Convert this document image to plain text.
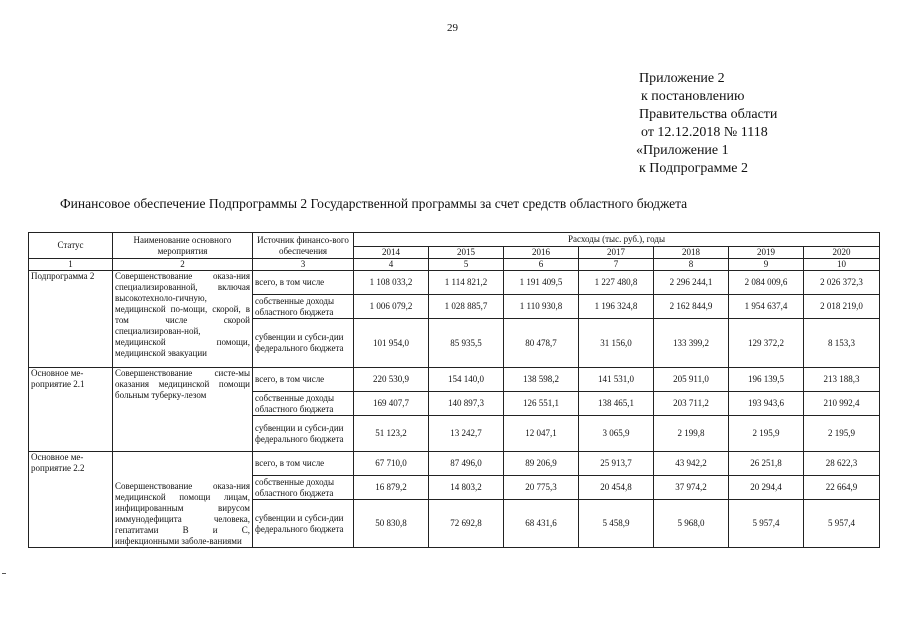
29
Приложение 2
к постановлению
Правительства области
от 12.12.2018 № 1118
«Приложение 1
к Подпрограмме 2
Финансовое обеспечение Подпрограммы 2 Государственной программы за счет средств областного бюджета
Статус	Наименование основного мероприятия	Источник финансо-вого обеспечения	Расходы (тыс. руб.), годы						
			2014	2015	2016	2017	2018	2019	2020
1	2	3	4	5	6	7	8	9	10
Подпрограмма 2	Совершенствование оказа-ния специализированной, включая высокотехноло-гичную, медицинской по-мощи, скорой, в том числе скорой специализирован-ной, медицинской помощи, медицинской эвакуации	всего, в том числе	1 108 033,2	1 114 821,2	1 191 409,5	1 227 480,8	2 296 244,1	2 084 009,6	2 026 372,3
		собственные доходы областного бюджета	1 006 079,2	1 028 885,7	1 110 930,8	1 196 324,8	2 162 844,9	1 954 637,4	2 018 219,0
		субвенции и субси-дии федерального бюджета	101 954,0	85 935,5	80 478,7	31 156,0	133 399,2	129 372,2	8 153,3
Основное ме-роприятие 2.1	Совершенствование систе-мы оказания медицинской помощи больным туберку-лезом	всего, в том числе	220 530,9	154 140,0	138 598,2	141 531,0	205 911,0	196 139,5	213 188,3
		собственные доходы областного бюджета	169 407,7	140 897,3	126 551,1	138 465,1	203 711,2	193 943,6	210 992,4
		субвенции и субси-дии федерального бюджета	51 123,2	13 242,7	12 047,1	3 065,9	2 199,8	2 195,9	2 195,9
Основное ме-роприятие 2.2	Совершенствование оказа-ния медицинской помощи лицам, инфицированным вирусом иммунодефицита человека, гепатитами B и C, инфекционными заболе-ваниями	всего, в том числе	67 710,0	87 496,0	89 206,9	25 913,7	43 942,2	26 251,8	28 622,3
		собственные доходы областного бюджета	16 879,2	14 803,2	20 775,3	20 454,8	37 974,2	20 294,4	22 664,9
		субвенции и субси-дии федерального бюджета	50 830,8	72 692,8	68 431,6	5 458,9	5 968,0	5 957,4	5 957,4
